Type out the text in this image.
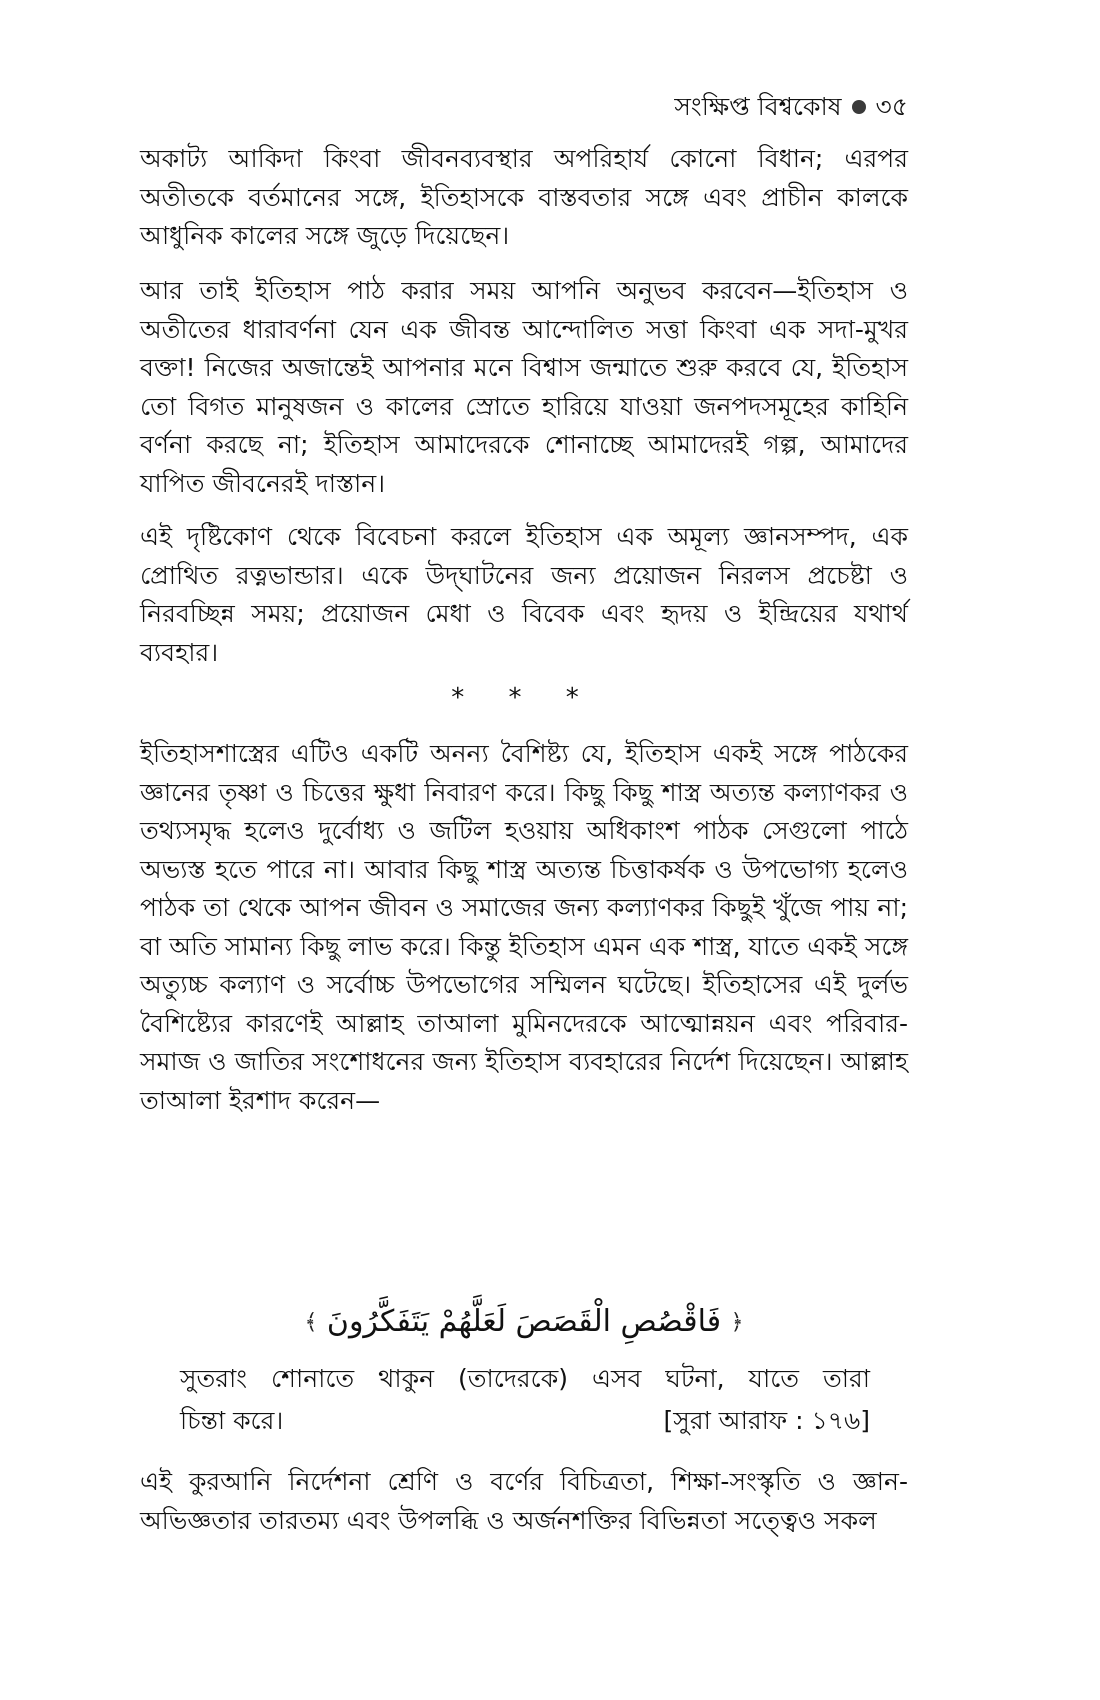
সংক্ষিপ্ত বিশ্বকোষ ৩৫

অকাট্য আকিদা কিংবা জীবনব্যবস্থার অপরিহার্য কোনো বিধান; এরপর অতীতকে বর্তমানের সঙ্গে, ইতিহাসকে বাস্তবতার সঙ্গে এবং প্রাচীন কালকে আধুনিক কালের সঙ্গে জুড়ে দিয়েছেন।

আর তাই ইতিহাস পাঠ করার সময় আপনি অনুভব করবেন—ইতিহাস ও অতীতের ধারাবর্ণনা যেন এক জীবন্ত আন্দোলিত সত্তা কিংবা এক সদা-মুখর বক্তা! নিজের অজান্তেই আপনার মনে বিশ্বাস জন্মাতে শুরু করবে যে, ইতিহাস তো বিগত মানুষজন ও কালের স্রোতে হারিয়ে যাওয়া জনপদসমূহের কাহিনি বর্ণনা করছে না; ইতিহাস আমাদেরকে শোনাচ্ছে আমাদেরই গল্প, আমাদের যাপিত জীবনেরই দাস্তান।

এই দৃষ্টিকোণ থেকে বিবেচনা করলে ইতিহাস এক অমূল্য জ্ঞানসম্পদ, এক প্রোথিত রত্নভান্ডার। একে উদ্‌ঘাটনের জন্য প্রয়োজন নিরলস প্রচেষ্টা ও নিরবচ্ছিন্ন সময়; প্রয়োজন মেধা ও বিবেক এবং হৃদয় ও ইন্দ্রিয়ের যথার্থ ব্যবহার।

* * *

ইতিহাসশাস্ত্রের এটিও একটি অনন্য বৈশিষ্ট্য যে, ইতিহাস একই সঙ্গে পাঠকের জ্ঞানের তৃষ্ণা ও চিত্তের ক্ষুধা নিবারণ করে। কিছু কিছু শাস্ত্র অত্যন্ত কল্যাণকর ও তথ্যসমৃদ্ধ হলেও দুর্বোধ্য ও জটিল হওয়ায় অধিকাংশ পাঠক সেগুলো পাঠে অভ্যস্ত হতে পারে না। আবার কিছু শাস্ত্র অত্যন্ত চিত্তাকর্ষক ও উপভোগ্য হলেও পাঠক তা থেকে আপন জীবন ও সমাজের জন্য কল্যাণকর কিছুই খুঁজে পায় না; বা অতি সামান্য কিছু লাভ করে। কিন্তু ইতিহাস এমন এক শাস্ত্র, যাতে একই সঙ্গে অত্যুচ্চ কল্যাণ ও সর্বোচ্চ উপভোগের সম্মিলন ঘটেছে। ইতিহাসের এই দুর্লভ বৈশিষ্ট্যের কারণেই আল্লাহ তাআলা মুমিনদেরকে আত্মোন্নয়ন এবং পরিবার-সমাজ ও জাতির সংশোধনের জন্য ইতিহাস ব্যবহারের নির্দেশ দিয়েছেন। আল্লাহ তাআলা ইরশাদ করেন—

﴿ فَاقْصُصِ الْقَصَصَ لَعَلَّهُمْ يَتَفَكَّرُونَ ﴾
সুতরাং শোনাতে থাকুন (তাদেরকে) এসব ঘটনা, যাতে তারা
চিন্তা করে।	[সুরা আরাফ : ১৭৬]

এই কুরআনি নির্দেশনা শ্রেণি ও বর্ণের বিচিত্রতা, শিক্ষা-সংস্কৃতি ও জ্ঞান-অভিজ্ঞতার তারতম্য এবং উপলব্ধি ও অর্জনশক্তির বিভিন্নতা সত্ত্বেও সকল
